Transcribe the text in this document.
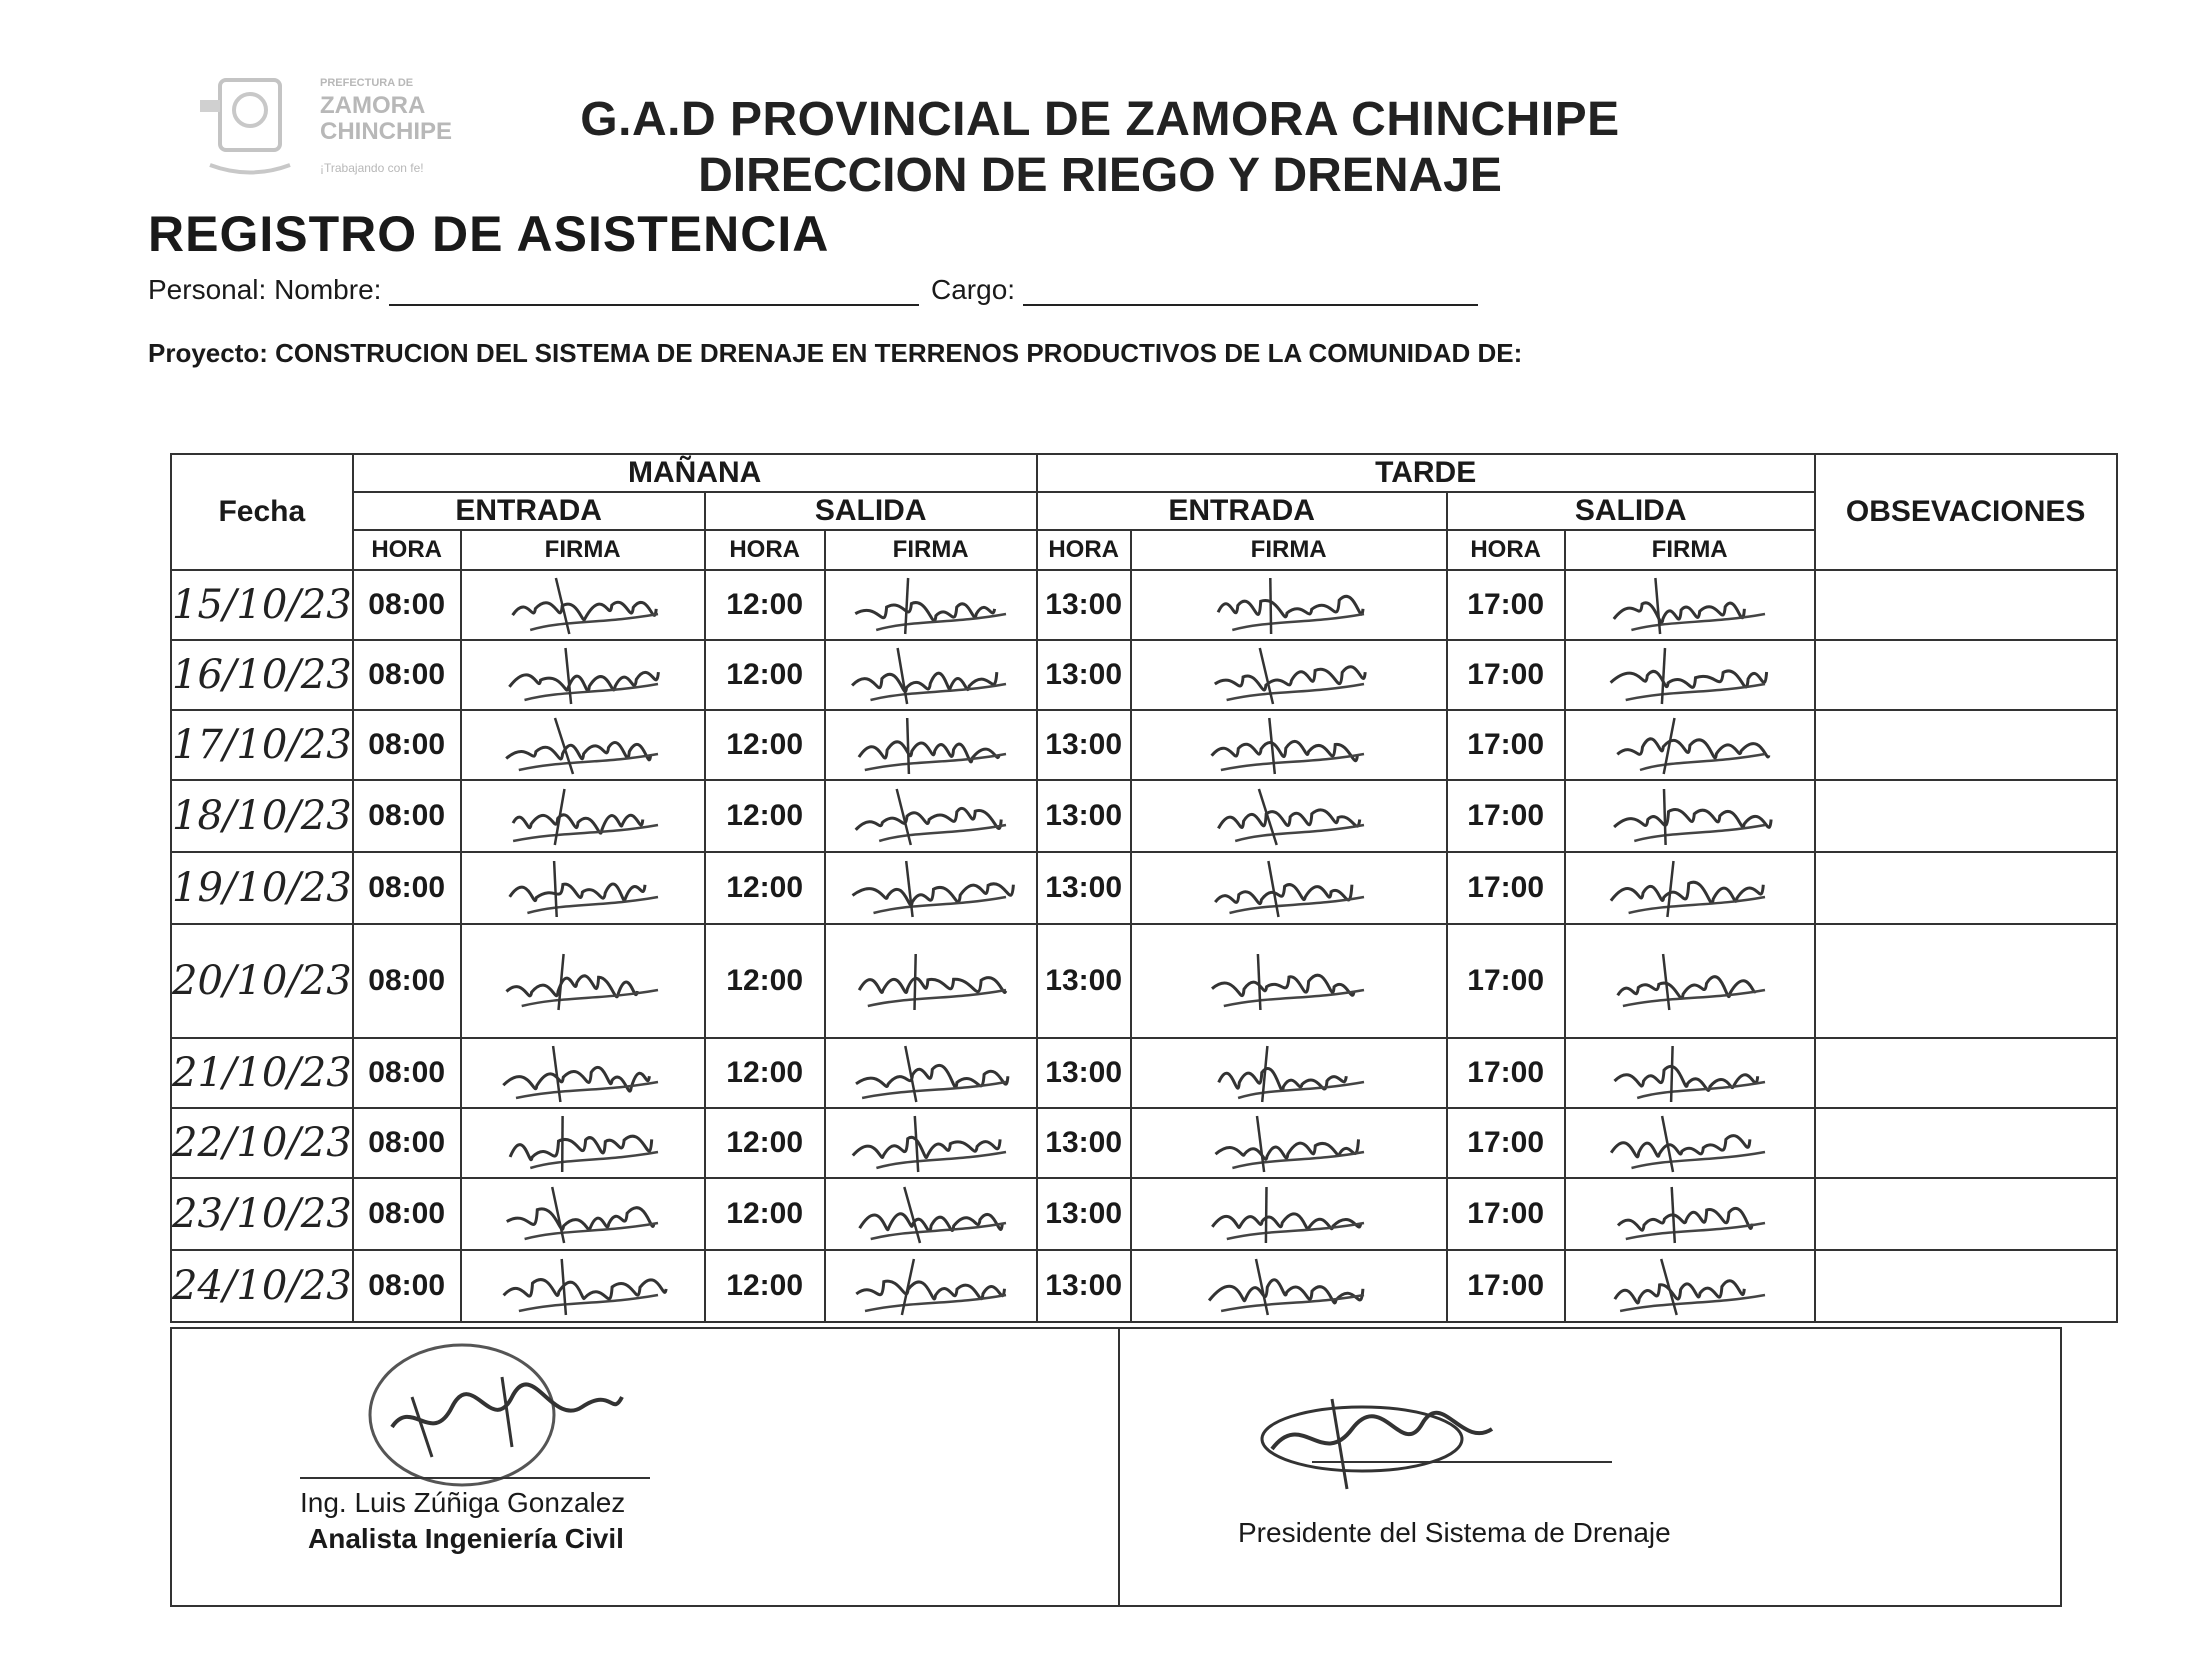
PREFECTURA DE
ZAMORA
CHINCHIPE
¡Trabajando con fe!
G.A.D PROVINCIAL DE ZAMORA CHINCHIPE
DIRECCION DE RIEGO Y DRENAJE
REGISTRO DE ASISTENCIA
Personal: Nombre:	Cargo:
Proyecto: CONSTRUCION DEL SISTEMA DE DRENAJE EN TERRENOS PRODUCTIVOS DE LA COMUNIDAD DE:
Fecha	MAÑANA				TARDE				OBSEVACIONES
	ENTRADA		SALIDA		ENTRADA		SALIDA		
	HORA	FIRMA	HORA	FIRMA	HORA	FIRMA	HORA	FIRMA	
15/10/23	08:00		12:00		13:00		17:00	

16/10/23	08:00		12:00		13:00		17:00	

17/10/23	08:00		12:00		13:00		17:00	

18/10/23	08:00		12:00		13:00		17:00	

19/10/23	08:00		12:00		13:00		17:00	

20/10/23	08:00		12:00		13:00		17:00	

21/10/23	08:00		12:00		13:00		17:00	

22/10/23	08:00		12:00		13:00		17:00	

23/10/23	08:00		12:00		13:00		17:00	

24/10/23	08:00		12:00		13:00		17:00	

Ing. Luis Zúñiga Gonzalez
Analista Ingeniería Civil	Presidente del Sistema de Drenaje
